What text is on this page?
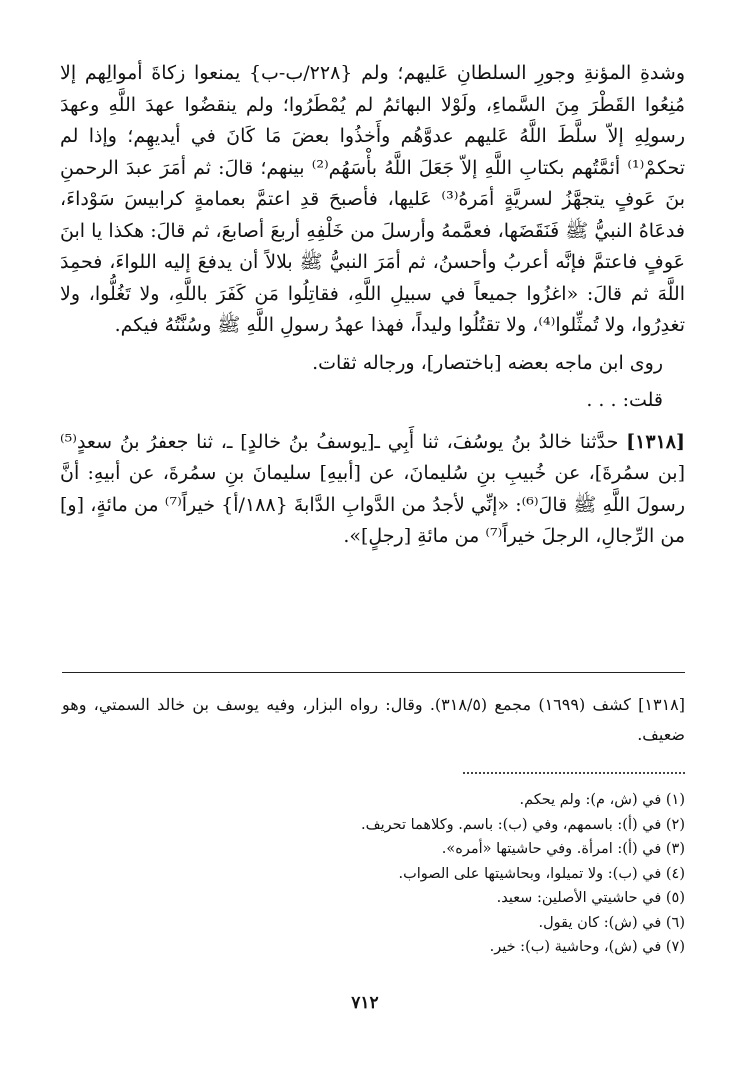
وشدةِ المؤنةِ وجورِ السلطانِ عَليهم؛ ولم {٢٢٨/ب-ب} يمنعوا زكاةَ أموالِهم إلا مُنِعُوا القَطْرَ مِنَ السَّماءِ، ولَوْلا البهائمُ لم يُمْطَرُوا؛ ولم ينقضُوا عهدَ اللَّهِ وعهدَ رسولِهِ إلاّ سلَّطَ اللَّهُ عَليهم عدوَّهُم وأَخذُوا بعضَ مَا كَانَ في أيديهِم؛ وإذا لم تحكمْ⁽¹⁾ أئمَّتُهم بكتابِ اللَّهِ إلاّ جَعَلَ اللَّهُ بأْسَهُم⁽²⁾ بينهم؛ قالَ: ثم أمَرَ عبدَ الرحمنِ بنَ عَوفٍ يتجهَّزُ لسريَّةٍ أمَرهُ⁽³⁾ عَليها، فأصبحَ قدِ اعتمَّ بعمامةٍ كرابيسَ سَوْداءَ، فدعَاهُ النبيُّ ﷺ فَنَقَضَها، فعمَّمهُ وأرسلَ من خَلْفِهِ أربعَ أصابعَ، ثم قالَ: هكذا يا ابنَ عَوفٍ فاعتمَّ فإنَّه أعربُ وأحسنُ، ثم أمَرَ النبيُّ ﷺ بلالاً أن يدفعَ إليه اللواءَ، فحمِدَ اللَّهَ ثم قالَ: «اغزُوا جميعاً في سبيلِ اللَّهِ، فقاتِلُوا مَن كَفَرَ باللَّهِ، ولا تَغُلُّوا، ولا تغدِرُوا، ولا تُمثِّلوا⁽⁴⁾، ولا تقتُلُوا وليداً، فهذا عهدُ رسولِ اللَّهِ ﷺ وسُنَّتُهُ فيكم.

روى ابن ماجه بعضه [باختصار]، ورجاله ثقات.

قلت: . . .

[١٣١٨] حدَّثنا خالدُ بنُ يوسُفَ، ثنا أَبِي ـ[يوسفُ بنُ خالدٍ] ـ، ثنا جعفرُ بنُ سعدٍ⁽⁵⁾ [بن سمُرةَ]، عن خُبيبِ بنِ سُليمانَ، عن [أبيهِ] سليمانَ بنِ سمُرةَ، عن أبيهِ: أنَّ رسولَ اللَّهِ ﷺ قالَ⁽⁶⁾: «إنِّي لأجدُ من الدَّوابِ الدَّابةَ {١٨٨/أ} خيراً⁽⁷⁾ من مائةٍ، [و] من الرِّجالِ، الرجلَ خيراً⁽⁷⁾ من مائةِ [رجلٍ]».

[١٣١٨] كشف (١٦٩٩) مجمع (٣١٨/٥). وقال: رواه البزار، وفيه يوسف بن خالد السمتي، وهو ضعيف.
(١) في (ش، م): ولم يحكم.
(٢) في (أ): باسمهم، وفي (ب): باسم. وكلاهما تحريف.
(٣) في (أ): امرأة. وفي حاشيتها «أمره».
(٤) في (ب): ولا تميلوا، وبحاشيتها على الصواب.
(٥) في حاشيتي الأصلين: سعيد.
(٦) في (ش): كان يقول.
(٧) في (ش)، وحاشية (ب): خير.
٧١٢
